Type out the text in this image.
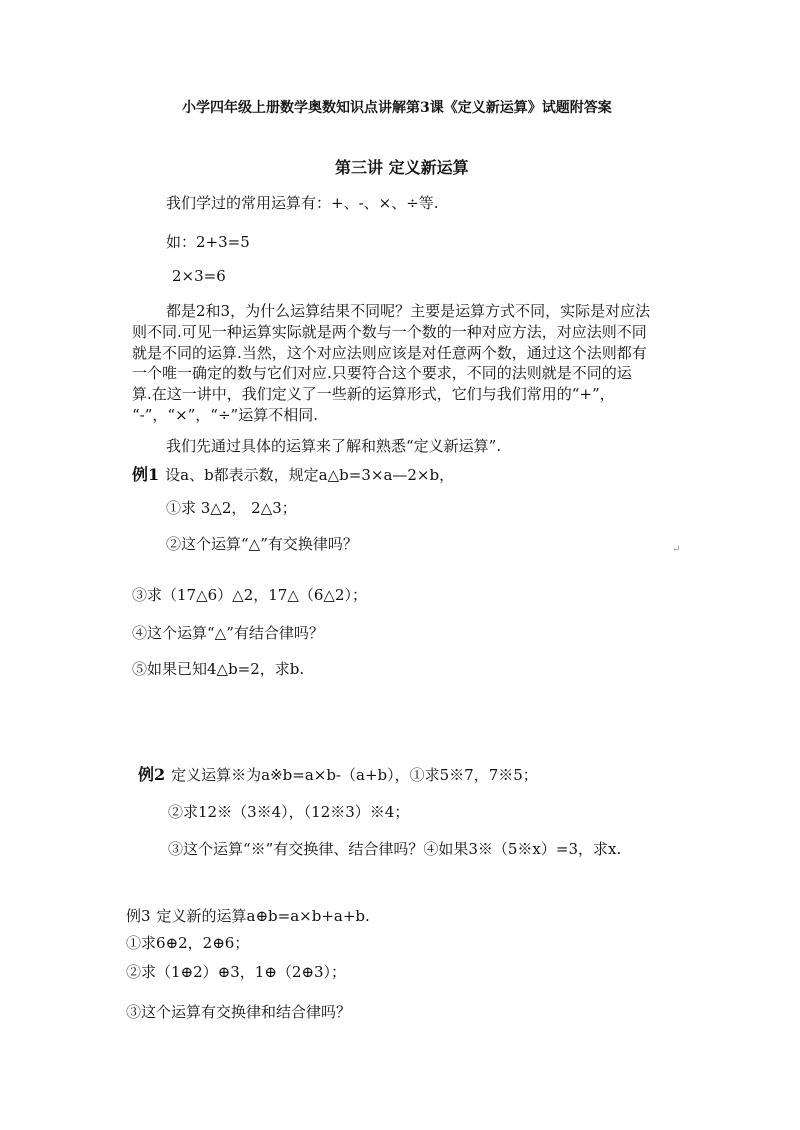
小学四年级上册数学奥数知识点讲解第3课《定义新运算》试题附答案
第三讲 定义新运算
我们学过的常用运算有：+、-、×、÷等.
如：2+3=5
2×3=6
都是2和3，为什么运算结果不同呢？主要是运算方式不同，实际是对应法
则不同.可见一种运算实际就是两个数与一个数的一种对应方法，对应法则不同
就是不同的运算.当然，这个对应法则应该是对任意两个数，通过这个法则都有
一个唯一确定的数与它们对应.只要符合这个要求，不同的法则就是不同的运
算.在这一讲中，我们定义了一些新的运算形式，它们与我们常用的“+”，
“-”，“×”，“÷”运算不相同.
我们先通过具体的运算来了解和熟悉“定义新运算”.
例1 设a、b都表示数，规定a△b=3×a—2×b，
①求 3△2， 2△3；
②这个运算“△”有交换律吗？	↵
③求（17△6）△2，17△（6△2）；
④这个运算“△”有结合律吗？
⑤如果已知4△b=2，求b.
例2 定义运算※为a※b=a×b-（a+b），①求5※7，7※5；
②求12※（3※4），（12※3）※4；
③这个运算“※”有交换律、结合律吗？④如果3※（5※x）=3，求x.
例3 定义新的运算a⊕b=a×b+a+b.
①求6⊕2，2⊕6；
②求（1⊕2）⊕3，1⊕（2⊕3）；
③这个运算有交换律和结合律吗？
